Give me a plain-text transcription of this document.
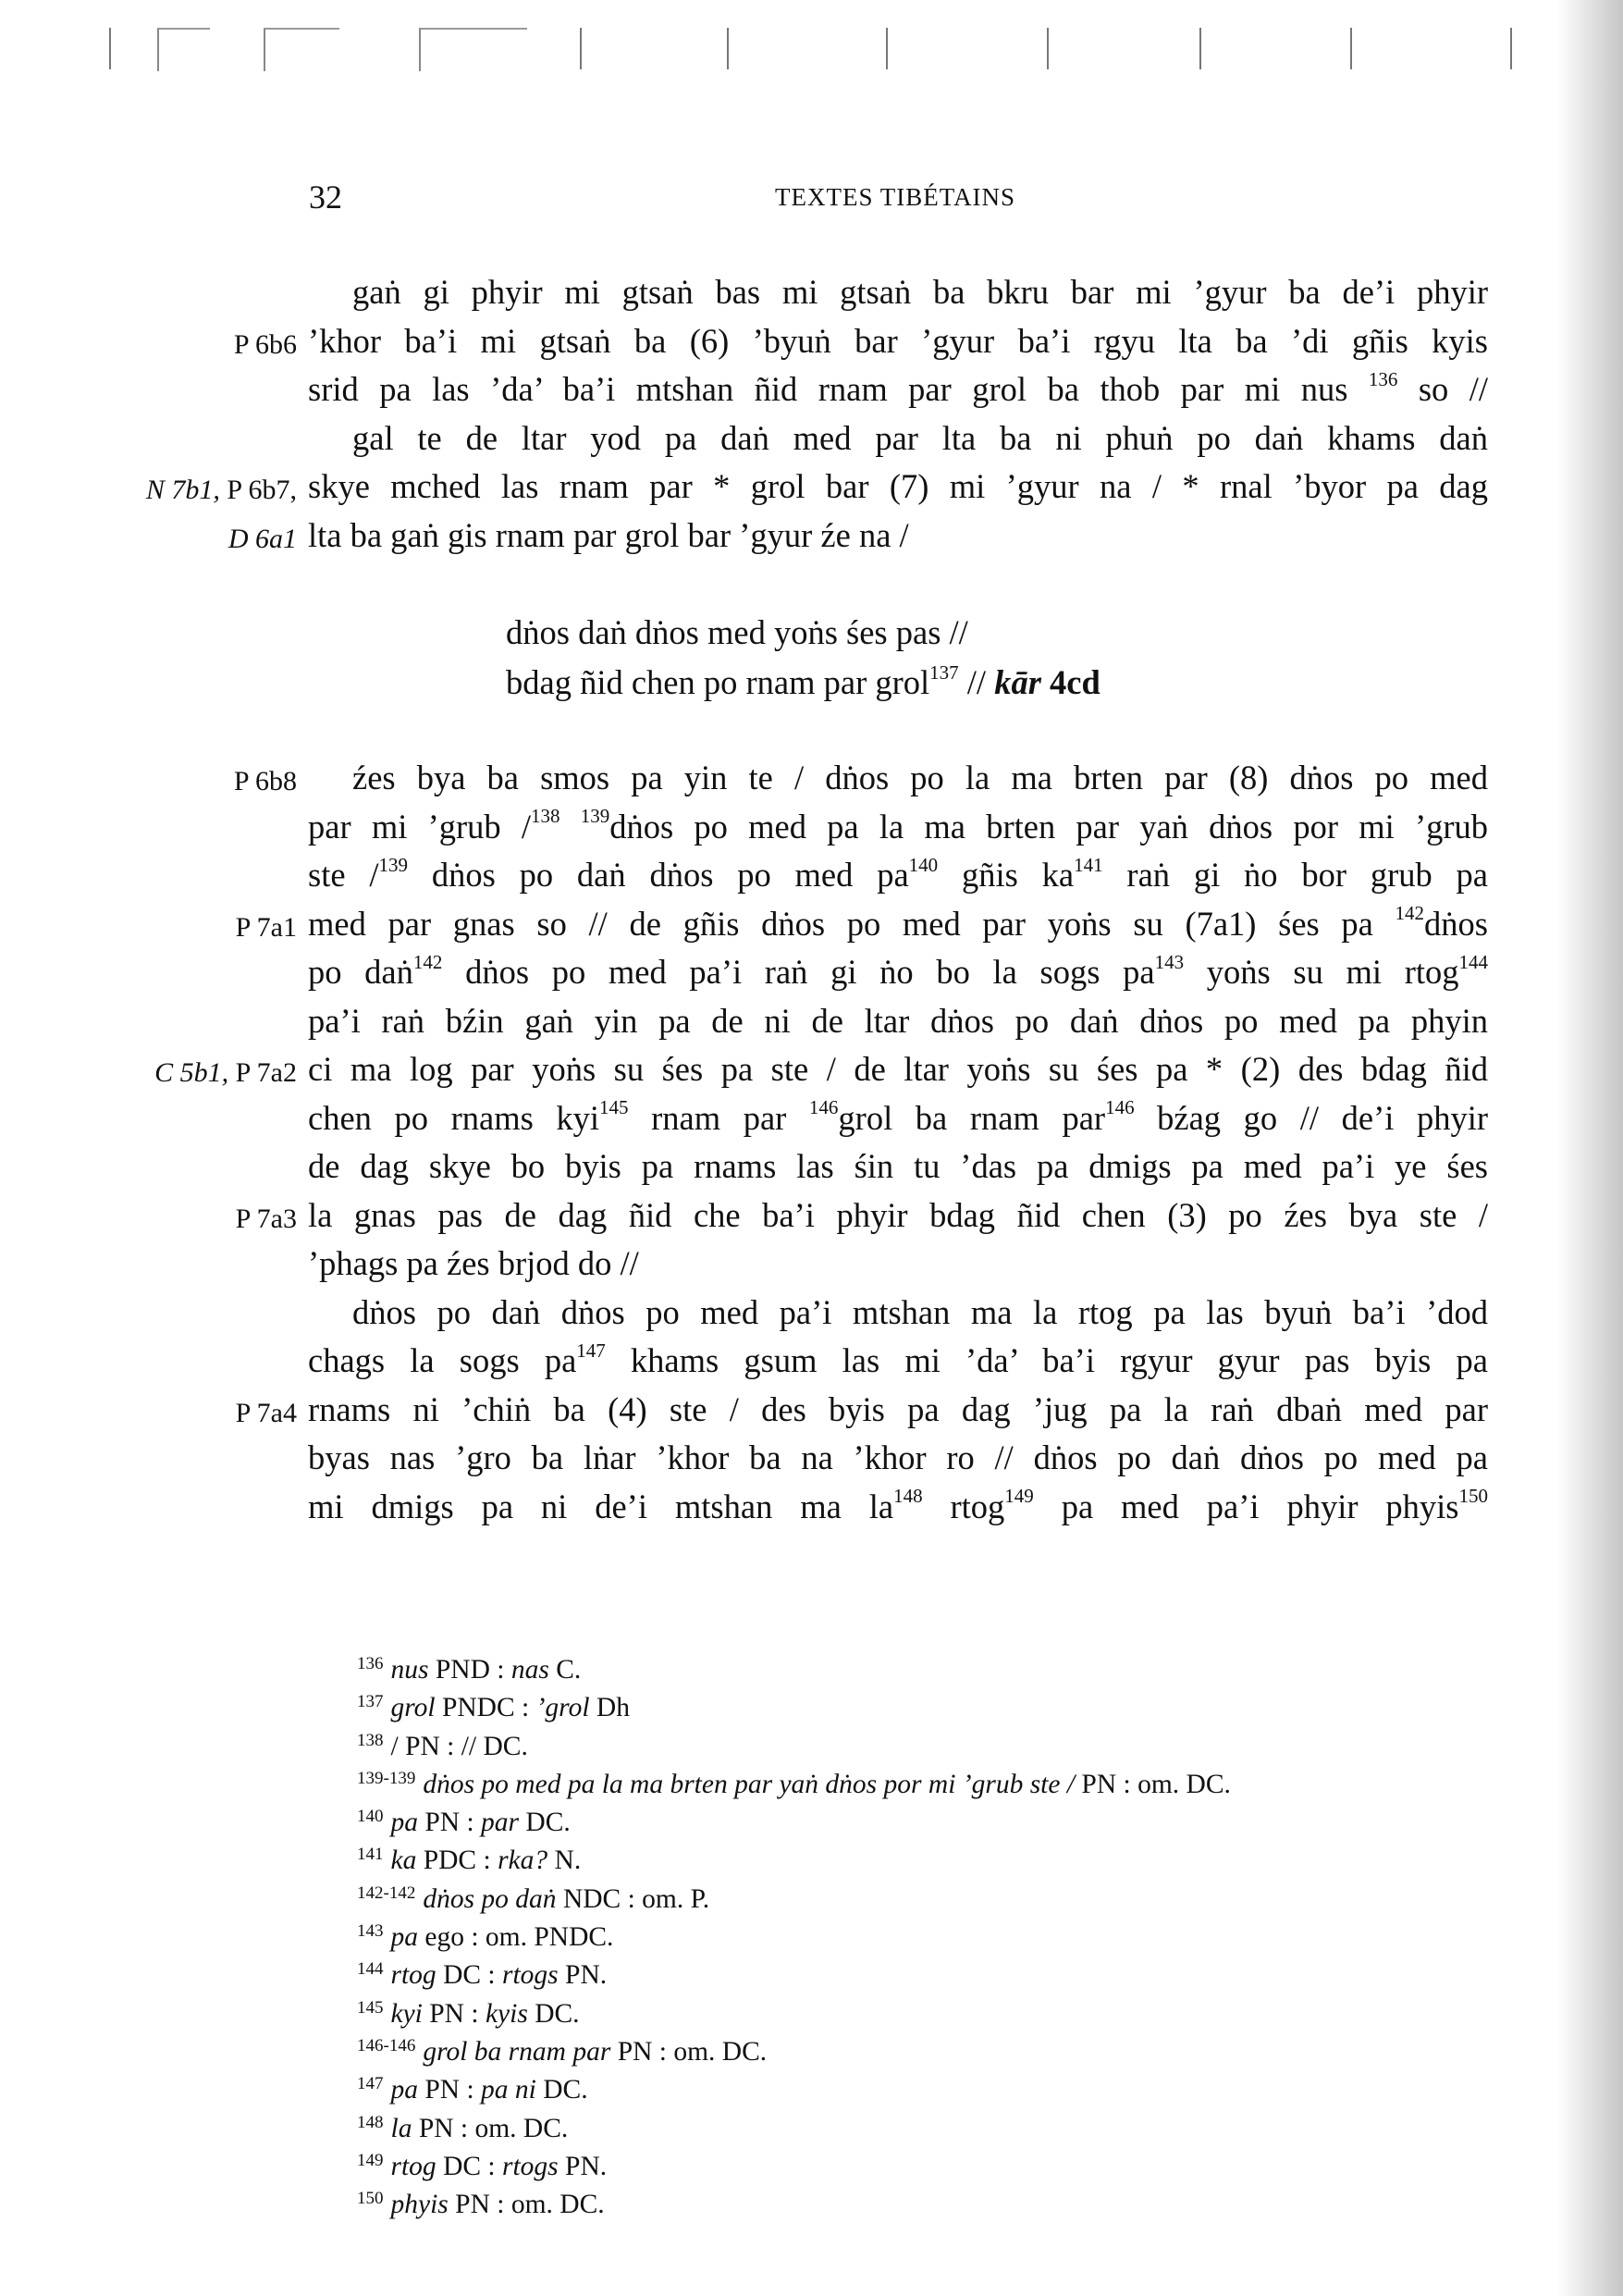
32	TEXTES TIBÉTAINS
gaṅ gi phyir mi gtsaṅ bas mi gtsaṅ ba bkru bar mi ’gyur ba de’i phyir
P 6b6 ’khor ba’i mi gtsaṅ ba (6) ’byuṅ bar ’gyur ba’i rgyu lta ba ’di gñis kyis
srid pa las ’da’ ba’i mtshan ñid rnam par grol ba thob par mi nus $^{136}$ so //
gal te de ltar yod pa daṅ med par lta ba ni phuṅ po daṅ khams daṅ
N 7b1, P 6b7, skye mched las rnam par * grol bar (7) mi ’gyur na / * rnal ’byor pa dag
D 6a1 lta ba gaṅ gis rnam par grol bar ’gyur źe na /
dṅos daṅ dṅos med yoṅs śes pas //
bdag ñid chen po rnam par grol$^{137}$ // kār 4cd
P 6b8 źes bya ba smos pa yin te / dṅos po la ma brten par (8) dṅos po med
par mi ’grub /$^{138}$ $^{139}$dṅos po med pa la ma brten par yaṅ dṅos por mi ’grub
ste /$^{139}$ dṅos po daṅ dṅos po med $pa^{140}$ gñis $ka^{141}$ raṅ gi ṅo bor grub pa
P 7a1 med par gnas so // de gñis dṅos po med par yoṅs su (7a1) śes pa $^{142}$dṅos
po daṅ$^{142}$ dṅos po med pa’i raṅ gi ṅo bo la sogs $pa^{143}$ yoṅs su mi rtog$^{144}$
pa’i raṅ bźin gaṅ yin pa de ni de ltar dṅos po daṅ dṅos po med pa phyin
C 5b1, P 7a2 ci ma log par yoṅs su śes pa ste / de ltar yoṅs su śes pa * (2) des bdag ñid
chen po rnams kyi$^{145}$ rnam par $^{146}$grol ba rnam par$^{146}$ bźag go // de’i phyir
de dag skye bo byis pa rnams las śin tu ’das pa dmigs pa med pa’i ye śes
P 7a3 la gnas pas de dag ñid che ba’i phyir bdag ñid chen (3) po źes bya ste /
’phags pa źes brjod do //
dṅos po daṅ dṅos po med pa’i mtshan ma la rtog pa las byuṅ ba’i ’dod
chags la sogs $pa^{147}$ khams gsum las mi ’da’ ba’i rgyur gyur pas byis pa
P 7a4 rnams ni ’chiṅ ba (4) ste / des byis pa dag ’jug pa la raṅ dbaṅ med par
byas nas ’gro ba lṅar ’khor ba na ’khor ro // dṅos po daṅ dṅos po med pa
mi dmigs pa ni de’i mtshan ma $la^{148}$ rtog$^{149}$ pa med pa’i phyir phyis$^{150}$
$^{136}$ nus PND : nas C.
$^{137}$ grol PNDC : ’grol Dh
$^{138}$ / PN : // DC.
$^{139-139}$ dṅos po med pa la ma brten par yaṅ dṅos por mi ’grub ste / PN : om. DC.
$^{140}$ pa PN : par DC.
$^{141}$ ka PDC : rka? N.
$^{142-142}$ dṅos po daṅ NDC : om. P.
$^{143}$ pa ego : om. PNDC.
$^{144}$ rtog DC : rtogs PN.
$^{145}$ kyi PN : kyis DC.
$^{146-146}$ grol ba rnam par PN : om. DC.
$^{147}$ pa PN : pa ni DC.
$^{148}$ la PN : om. DC.
$^{149}$ rtog DC : rtogs PN.
$^{150}$ phyis PN : om. DC.
